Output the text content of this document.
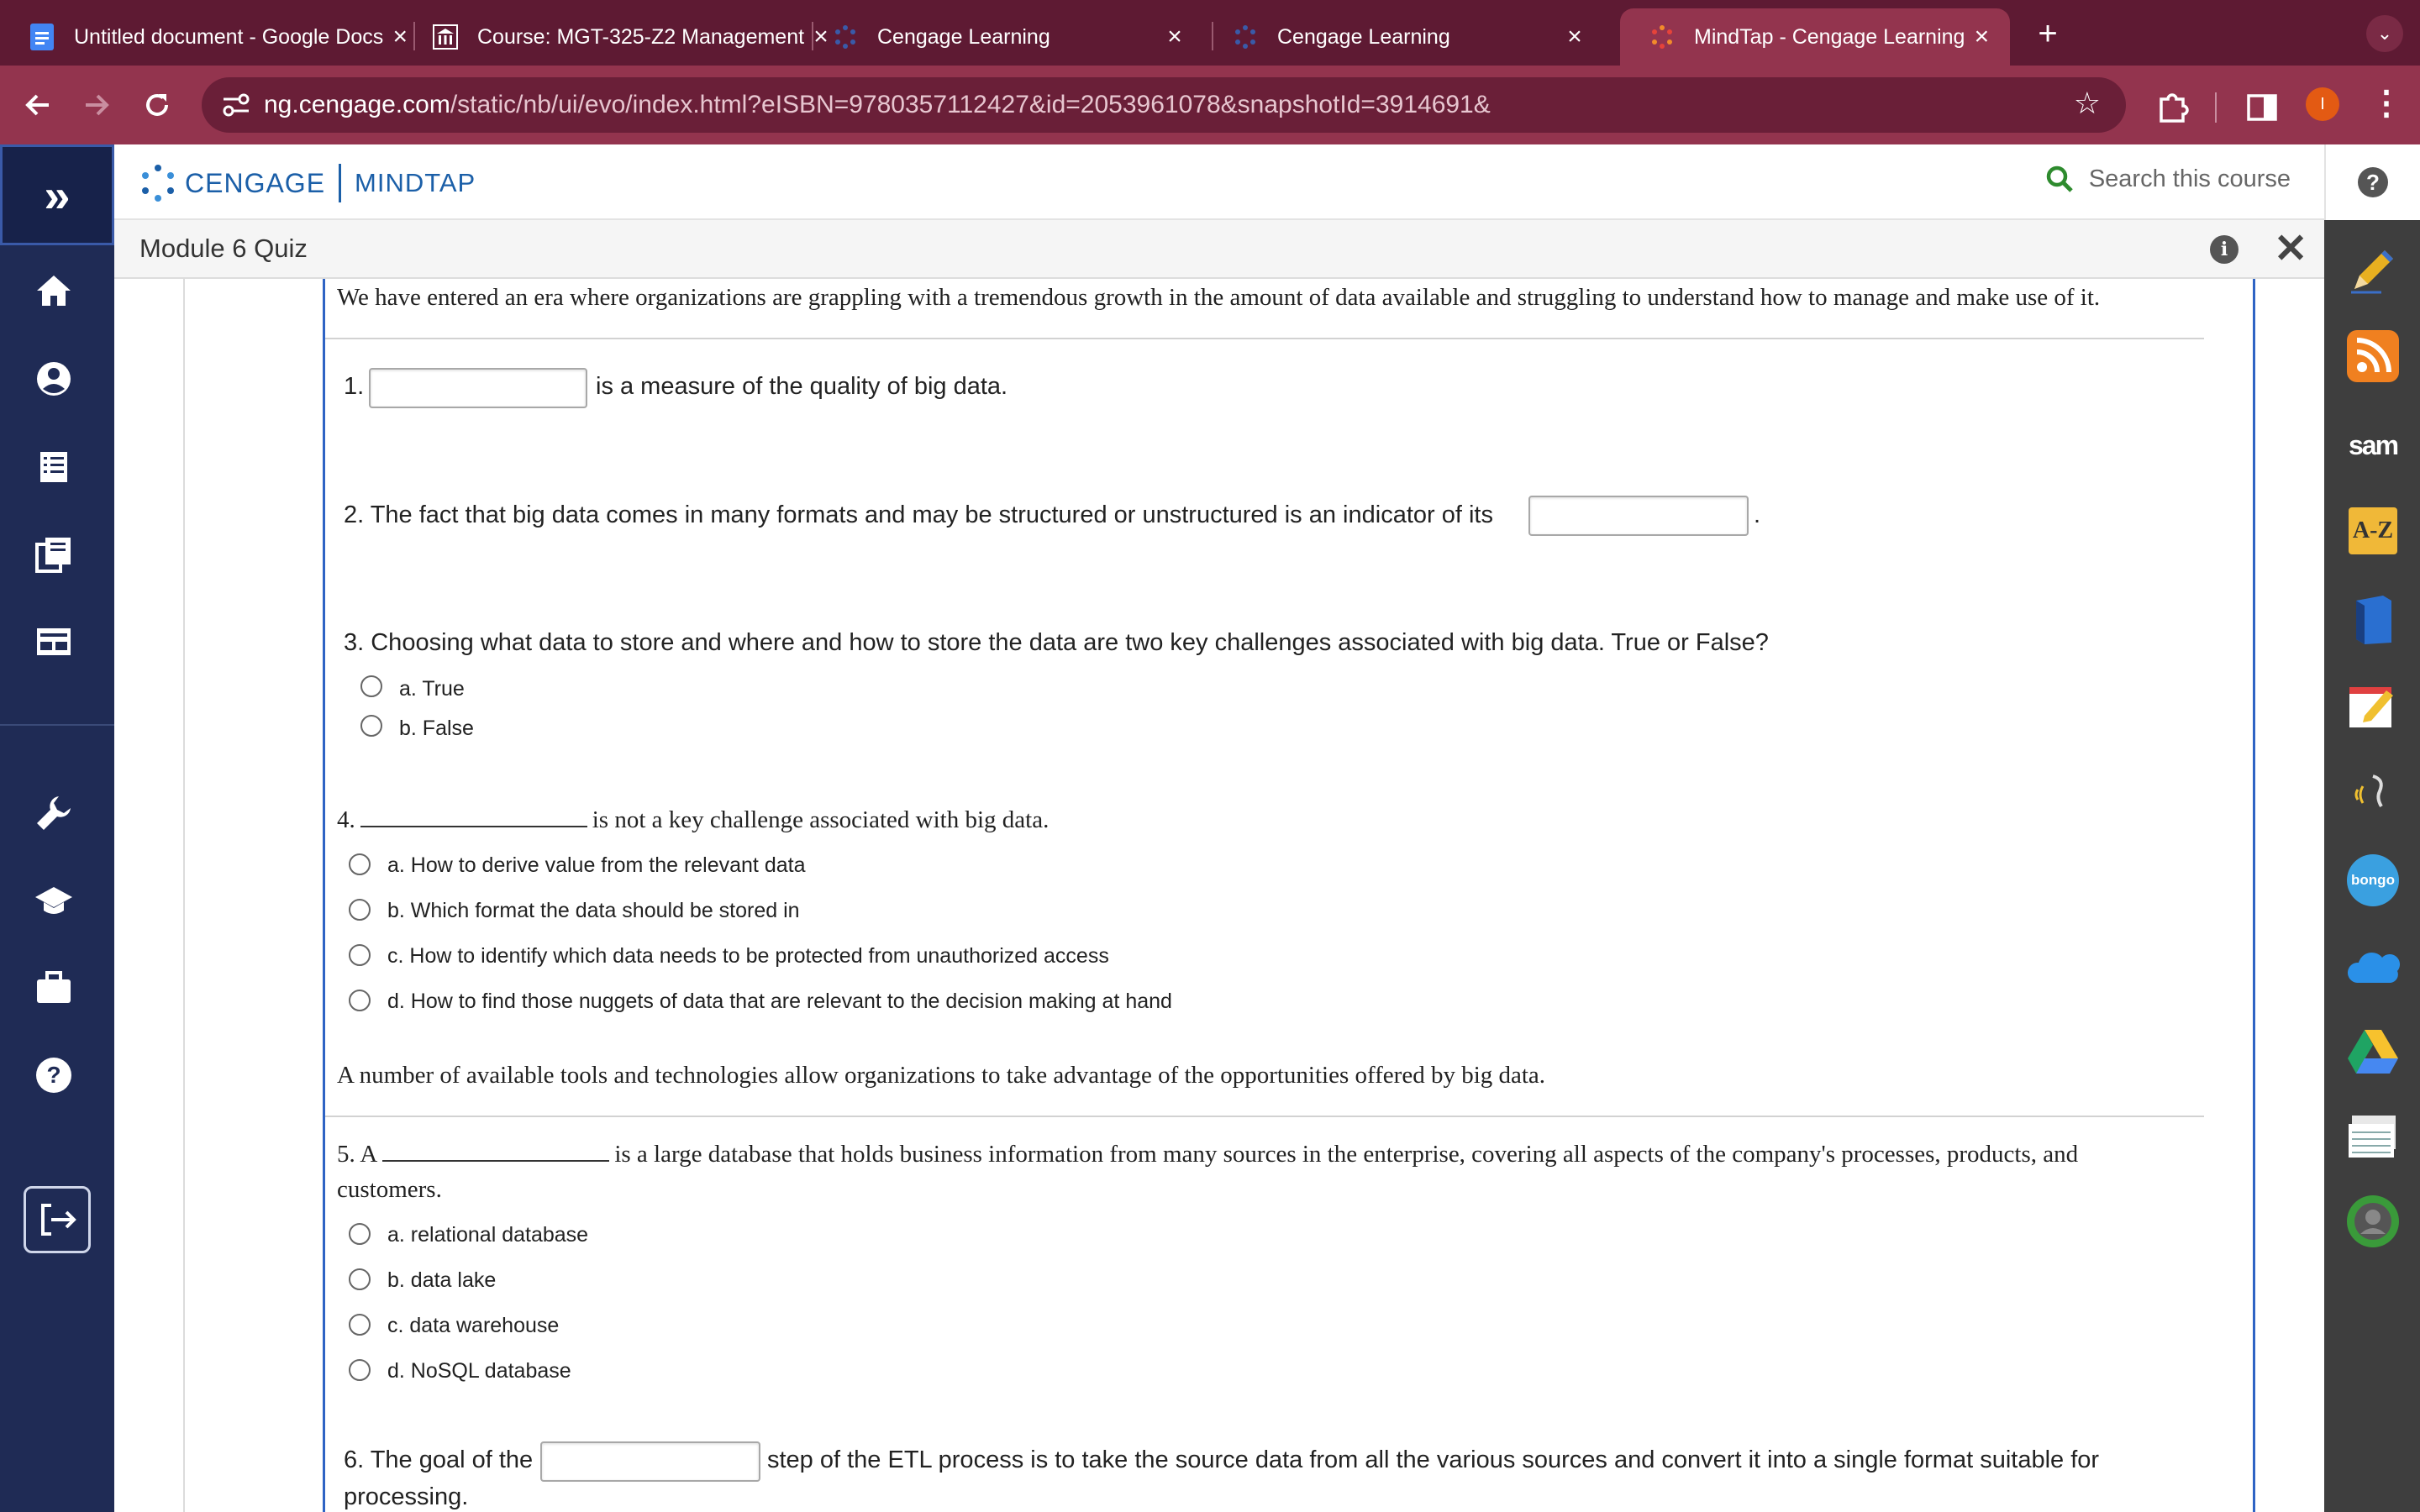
Untitled document - Google Docs ×	Course: MGT-325-Z2 Management ×	Cengage Learning	×	Cengage Learning	×	MindTap - Cengage Learning ×	+	⌄
ng.cengage.com/static/nb/ui/evo/index.html?eISBN=9780357112427&id=2053961078&snapshotId=3914691&	☆	I	⋮
»
?
CENGAGE MINDTAP	Search this course	?
Module 6 Quiz	i ✕
sam
A-Z
bongo
We have entered an era where organizations are grappling with a tremendous growth in the amount of data available and struggling to understand how to manage and make use of it.
1.	is a measure of the quality of big data.
2. The fact that big data comes in many formats and may be structured or unstructured is an indicator of its	.
3. Choosing what data to store and where and how to store the data are two key challenges associated with big data. True or False?
a. True
b. False
4.	is not a key challenge associated with big data.
a. How to derive value from the relevant data
b. Which format the data should be stored in
c. How to identify which data needs to be protected from unauthorized access
d. How to find those nuggets of data that are relevant to the decision making at hand
A number of available tools and technologies allow organizations to take advantage of the opportunities offered by big data.
5. A	is a large database that holds business information from many sources in the enterprise, covering all aspects of the company's processes, products, and
customers.
a. relational database
b. data lake
c. data warehouse
d. NoSQL database
6. The goal of the	step of the ETL process is to take the source data from all the various sources and convert it into a single format suitable for
processing.
